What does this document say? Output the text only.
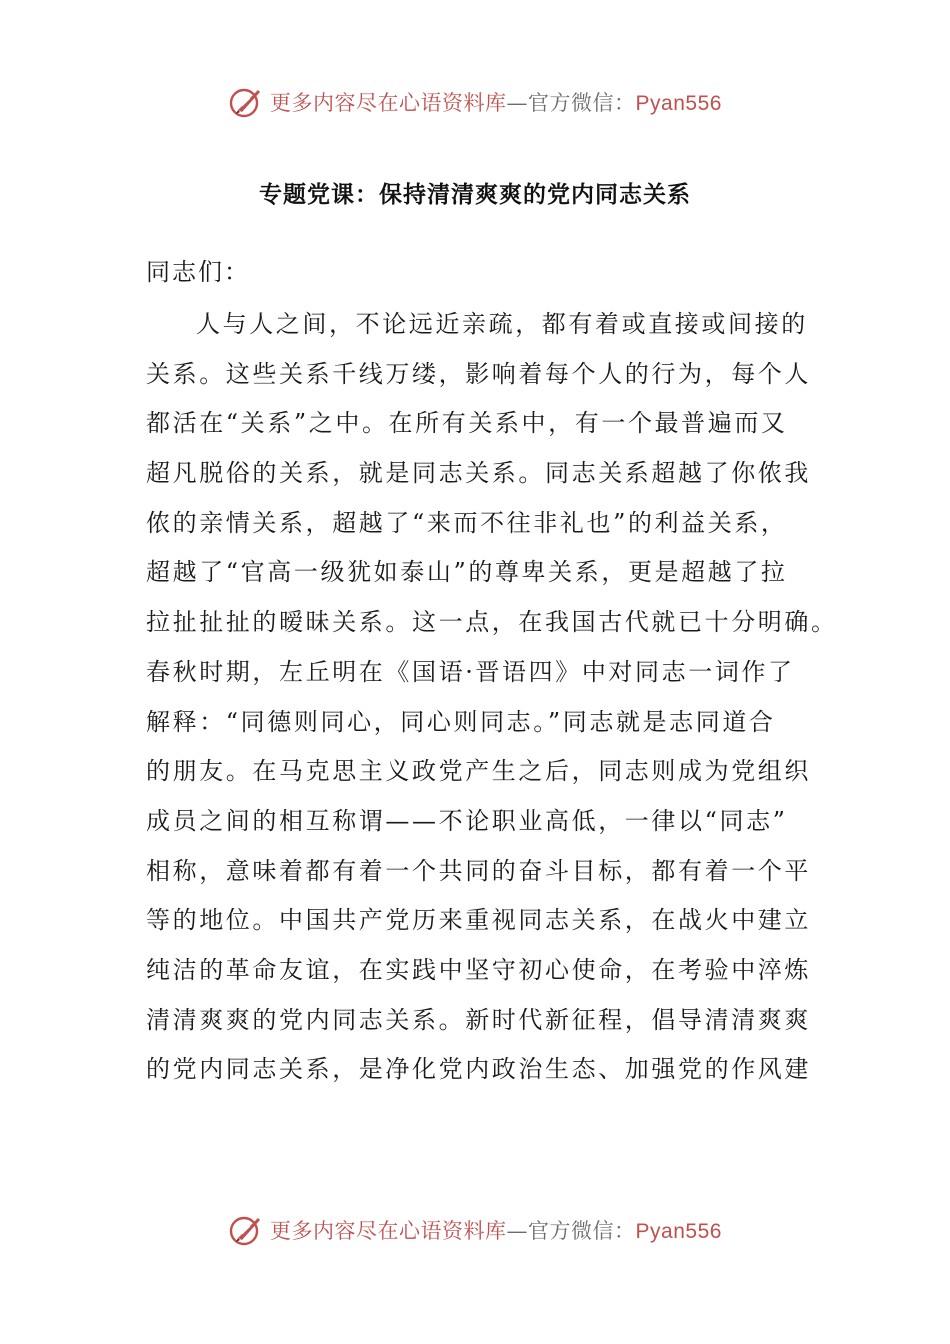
更多内容尽在心语资料库—官方微信：Pyan556
专题党课：保持清清爽爽的党内同志关系
同志们：
人与人之间，不论远近亲疏，都有着或直接或间接的
关系。这些关系千线万缕，影响着每个人的行为，每个人
都活在“关系”之中。在所有关系中，有一个最普遍而又
超凡脱俗的关系，就是同志关系。同志关系超越了你侬我
侬的亲情关系，超越了“来而不往非礼也”的利益关系，
超越了“官高一级犹如泰山”的尊卑关系，更是超越了拉
拉扯扯扯的暧昧关系。这一点，在我国古代就已十分明确。
春秋时期，左丘明在《国语·晋语四》中对同志一词作了
解释：“同德则同心，同心则同志。”同志就是志同道合
的朋友。在马克思主义政党产生之后，同志则成为党组织
成员之间的相互称谓——不论职业高低，一律以“同志”
相称，意味着都有着一个共同的奋斗目标，都有着一个平
等的地位。中国共产党历来重视同志关系，在战火中建立
纯洁的革命友谊，在实践中坚守初心使命，在考验中淬炼
清清爽爽的党内同志关系。新时代新征程，倡导清清爽爽
的党内同志关系，是净化党内政治生态、加强党的作风建
更多内容尽在心语资料库—官方微信：Pyan556
